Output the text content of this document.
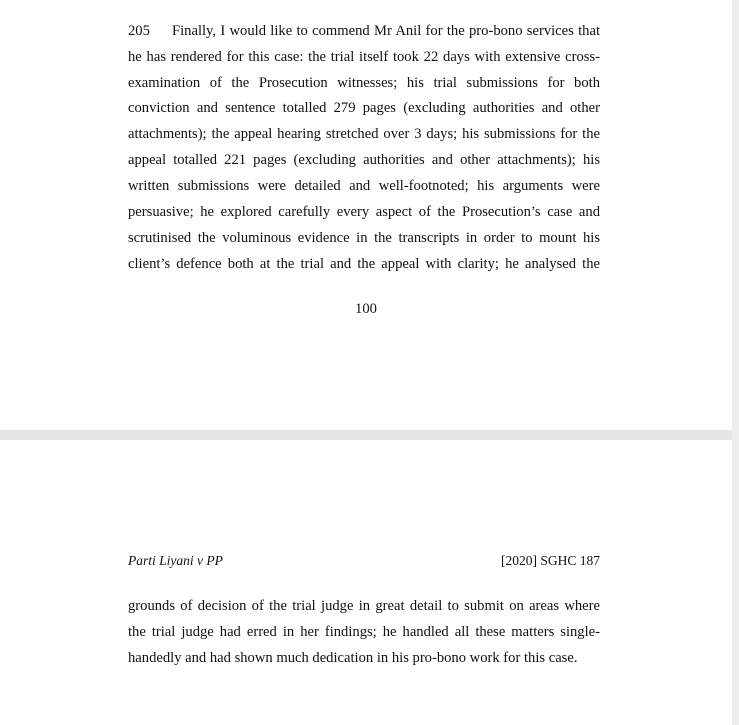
205 Finally, I would like to commend Mr Anil for the pro-bono services that
he has rendered for this case: the trial itself took 22 days with extensive cross-
examination of the Prosecution witnesses; his trial submissions for both
conviction and sentence totalled 279 pages (excluding authorities and other
attachments); the appeal hearing stretched over 3 days; his submissions for the
appeal totalled 221 pages (excluding authorities and other attachments); his
written submissions were detailed and well-footnoted; his arguments were
persuasive; he explored carefully every aspect of the Prosecution’s case and
scrutinised the voluminous evidence in the transcripts in order to mount his
client’s defence both at the trial and the appeal with clarity; he analysed the
100
Parti Liyani v PP	[2020] SGHC 187
grounds of decision of the trial judge in great detail to submit on areas where
the trial judge had erred in her findings; he handled all these matters single-
handedly and had shown much dedication in his pro-bono work for this case.
